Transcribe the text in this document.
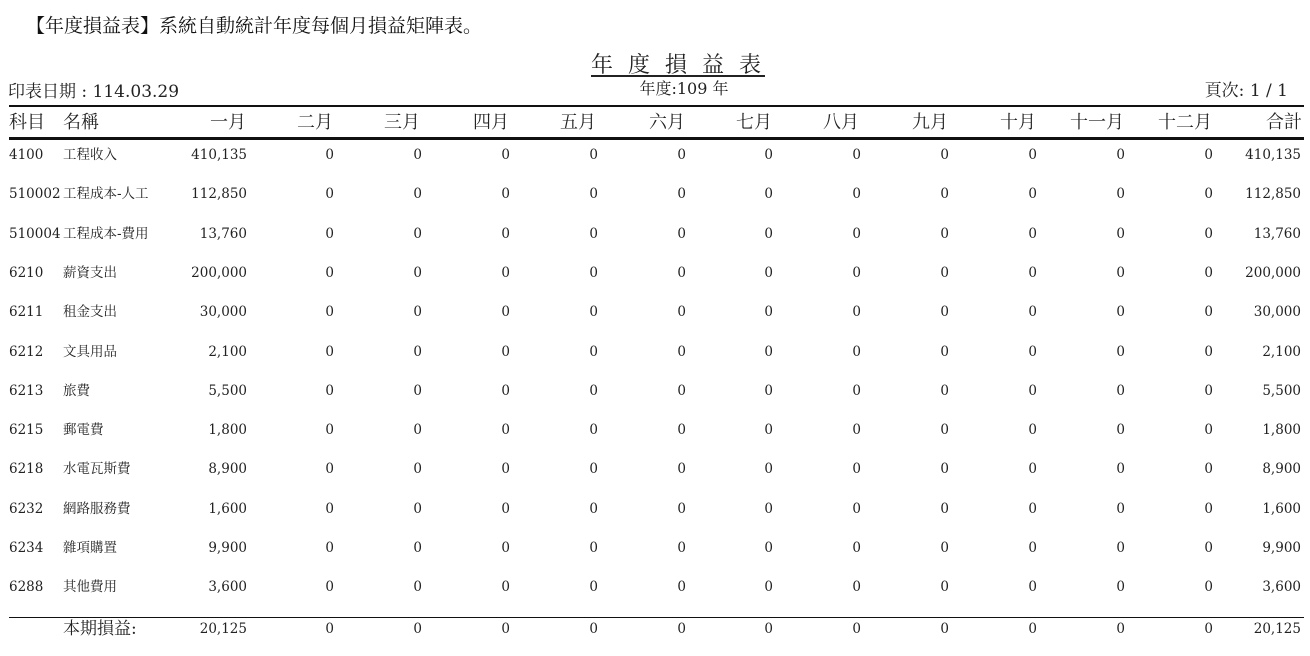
【年度損益表】系統自動統計年度每個月損益矩陣表。
年 度 損 益 表
年度:109 年
印表日期 : 114.03.29	頁次: 1 / 1
科目 名稱	一月	二月	三月	四月	五月	六月	七月	八月	九月	十月 十一月 十二月	合計
4100 工程收入	410,135	0	0	0	0	0	0	0	0	0	0	0 410,135
510002 工程成本-人工	112,850	0	0	0	0	0	0	0	0	0	0	0 112,850
510004 工程成本-費用	13,760	0	0	0	0	0	0	0	0	0	0	0	13,760
6210 薪資支出	200,000	0	0	0	0	0	0	0	0	0	0	0 200,000
6211 租金支出	30,000	0	0	0	0	0	0	0	0	0	0	0	30,000
6212 文具用品	2,100	0	0	0	0	0	0	0	0	0	0	0	2,100
6213 旅費	5,500	0	0	0	0	0	0	0	0	0	0	0	5,500
6215 郵電費	1,800	0	0	0	0	0	0	0	0	0	0	0	1,800
6218 水電瓦斯費	8,900	0	0	0	0	0	0	0	0	0	0	0	8,900
6232 網路服務費	1,600	0	0	0	0	0	0	0	0	0	0	0	1,600
6234 雜項購置	9,900	0	0	0	0	0	0	0	0	0	0	0	9,900
6288 其他費用	3,600	0	0	0	0	0	0	0	0	0	0	0	3,600
本期損益:	20,125	0	0	0	0	0	0	0	0	0	0	0	20,125
